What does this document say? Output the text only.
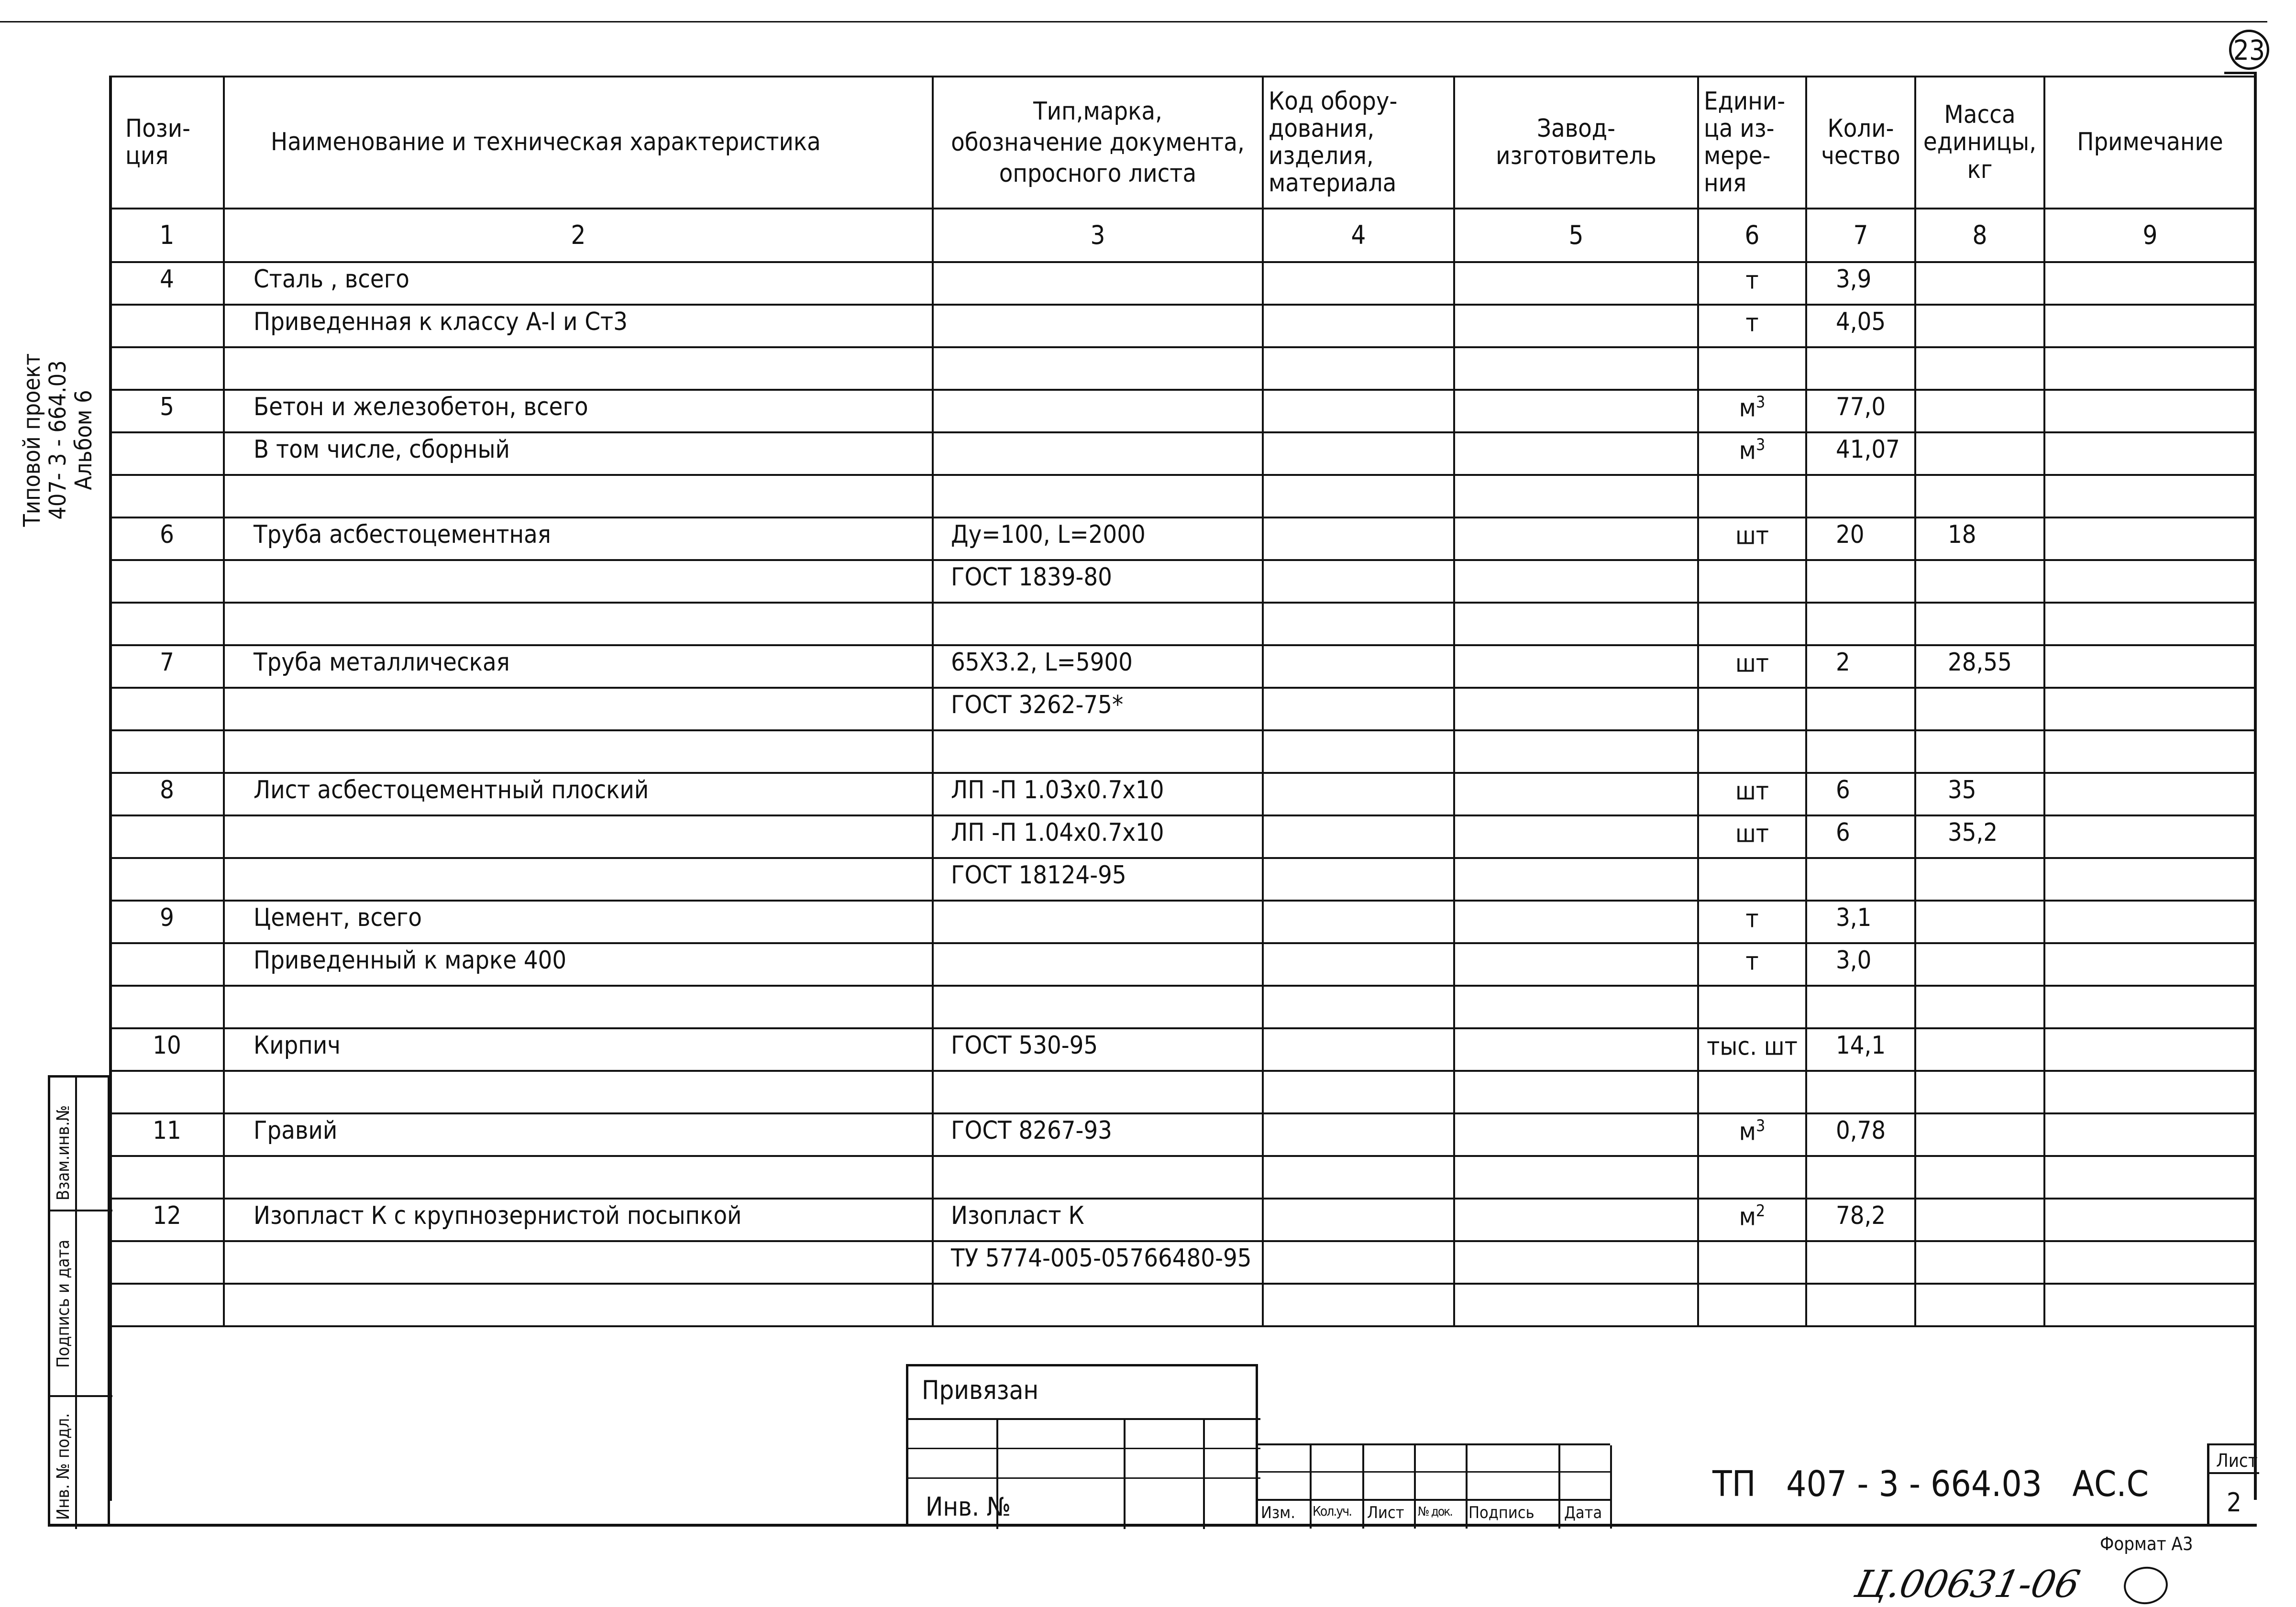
23
Типовой проект
407- 3 - 664.03
Альбом 6
Взам.инв.№
Подпись и дата
Инв. № подл.
Пози-
ция	Наименование и техническая характеристика	Тип,марка,
обозначение документа,
опросного листа	Код обору-
дования,
изделия,
материала	Завод-
изготовитель	Едини-
ца из-
мере-
ния	Коли-
чество	Масса
единицы,
кг	Примечание
1	2	3	4	5	6	7	8	9
4	Сталь , всего				т	3,9		
	Приведенная к классу А-I и Ст3				т	4,05		

5	Бетон и железобетон, всего				$м^3$	77,0		
	В том числе, сборный				$м^3$	41,07		

6	Труба асбестоцементная	Ду=100, L=2000			шт	20	18	
		ГОСТ 1839-80						

7	Труба металлическая	65Х3.2, L=5900			шт	2	28,55	
		ГОСТ 3262-75*						

8	Лист асбестоцементный плоский	ЛП -П 1.03х0.7х10			шт	6	35	
		ЛП -П 1.04х0.7х10			шт	6	35,2	
		ГОСТ 18124-95						
9	Цемент, всего				т	3,1		
	Приведенный к марке 400				т	3,0		

10	Кирпич	ГОСТ 530-95			тыс. шт	14,1		

11	Гравий	ГОСТ 8267-93			$м^3$	0,78		

12	Изопласт К с крупнозернистой посыпкой	Изопласт К			$м^2$	78,2		
		ТУ 5774-005-05766480-95						

Привязан
Инв. №	Изм. Кол.уч. Лист № док. Подпись Дата
ТП   407 - 3 - 664.03   АС.С
Лист
2
Формат А3
Ц.00631-06
